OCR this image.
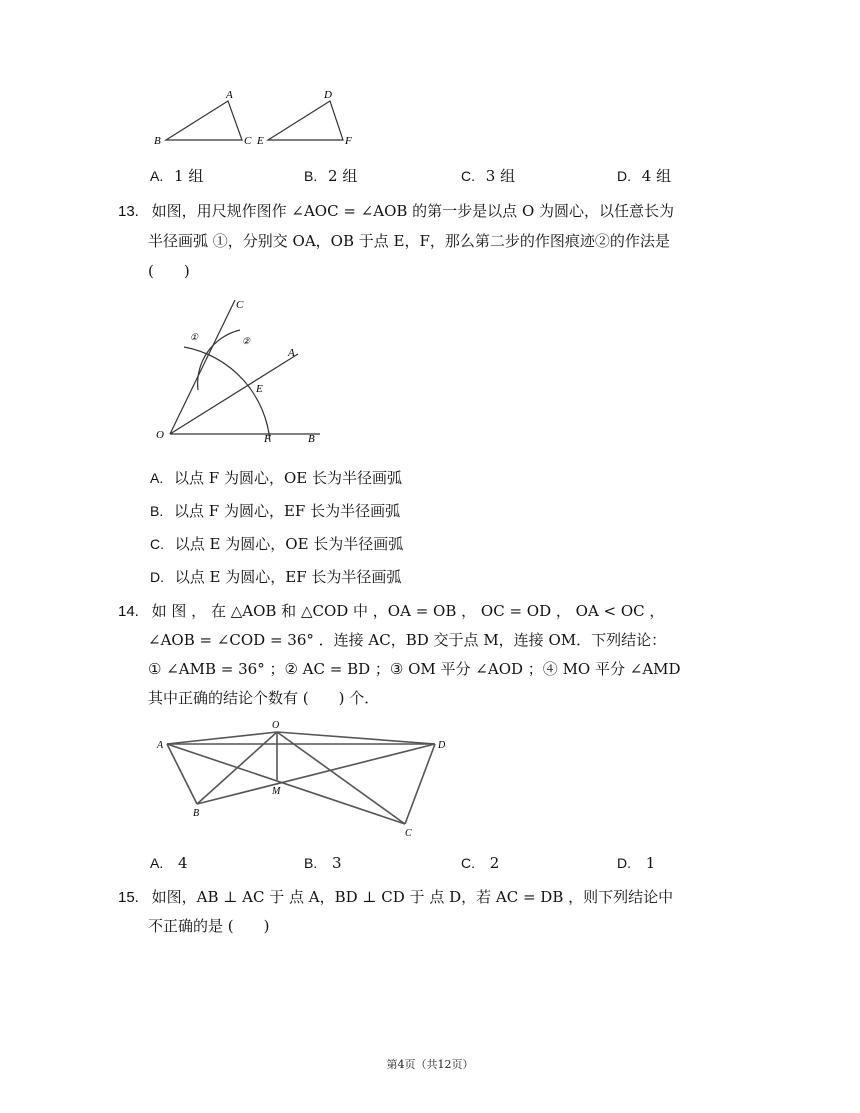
A
B	C
D
E	F
A. 1 组	B. 2 组	C. 3 组	D. 4 组
13. 如图，用尺规作图作 ∠AOC = ∠AOB 的第一步是以点 O 为圆心，以任意长为
半径画弧 ①，分别交 OA，OB 于点 E，F，那么第二步的作图痕迹②的作法是
(　　)
C
①	②
A
E
O	F	B
A. 以点 F 为圆心，OE 长为半径画弧
B. 以点 F 为圆心，EF 长为半径画弧
C. 以点 E 为圆心，OE 长为半径画弧
D. 以点 E 为圆心，EF 长为半径画弧
14. 如 图 ， 在 △AOB 和 △COD 中 ，OA = OB ， OC = OD ， OA < OC ，
∠AOB = ∠COD = 36° ．连接 AC，BD 交于点 M，连接 OM．下列结论：
① ∠AMB = 36° ；② AC = BD ；③ OM 平分 ∠AOD ；④ MO 平分 ∠AMD
其中正确的结论个数有 (　　) 个．
O
A	D
M
B
C
A. 4	B. 3	C. 2	D. 1
15. 如图，AB ⊥ AC 于 点 A，BD ⊥ CD 于 点 D，若 AC = DB ，则下列结论中
不正确的是 (　　)
第4页（共12页）
